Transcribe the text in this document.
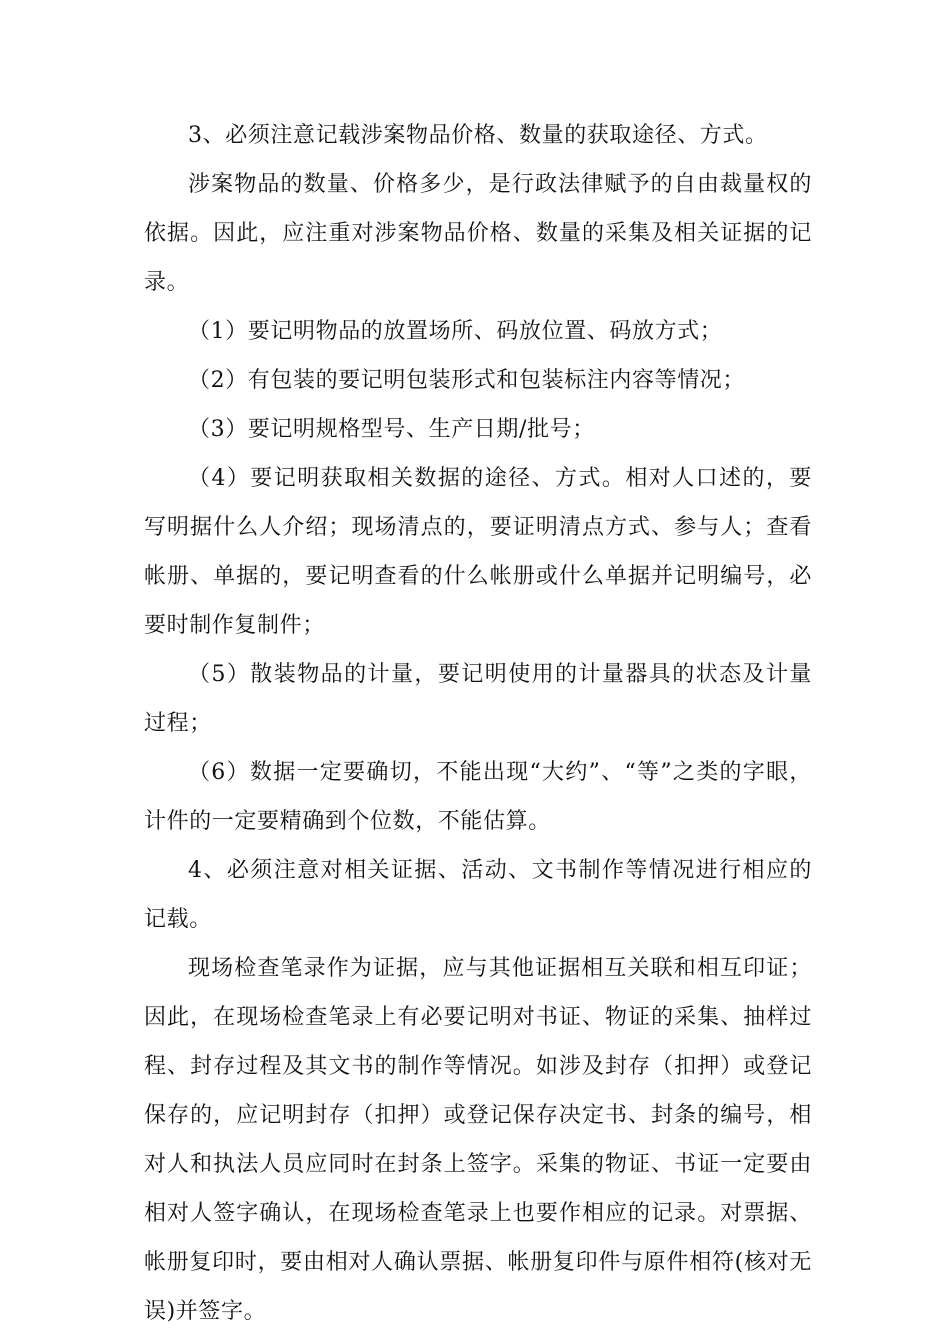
3、必须注意记载涉案物品价格、数量的获取途径、方式。

涉案物品的数量、价格多少，是行政法律赋予的自由裁量权的依据。因此，应注重对涉案物品价格、数量的采集及相关证据的记录。

（1）要记明物品的放置场所、码放位置、码放方式；

（2）有包装的要记明包装形式和包装标注内容等情况；

（3）要记明规格型号、生产日期/批号；

（4）要记明获取相关数据的途径、方式。相对人口述的，要写明据什么人介绍；现场清点的，要证明清点方式、参与人；查看帐册、单据的，要记明查看的什么帐册或什么单据并记明编号，必要时制作复制件；

（5）散装物品的计量，要记明使用的计量器具的状态及计量过程；

（6）数据一定要确切，不能出现“大约”、“等”之类的字眼，计件的一定要精确到个位数，不能估算。

4、必须注意对相关证据、活动、文书制作等情况进行相应的记载。

现场检查笔录作为证据，应与其他证据相互关联和相互印证；因此，在现场检查笔录上有必要记明对书证、物证的采集、抽样过程、封存过程及其文书的制作等情况。如涉及封存（扣押）或登记保存的，应记明封存（扣押）或登记保存决定书、封条的编号，相对人和执法人员应同时在封条上签字。采集的物证、书证一定要由相对人签字确认，在现场检查笔录上也要作相应的记录。对票据、帐册复印时，要由相对人确认票据、帐册复印件与原件相符(核对无误)并签字。
